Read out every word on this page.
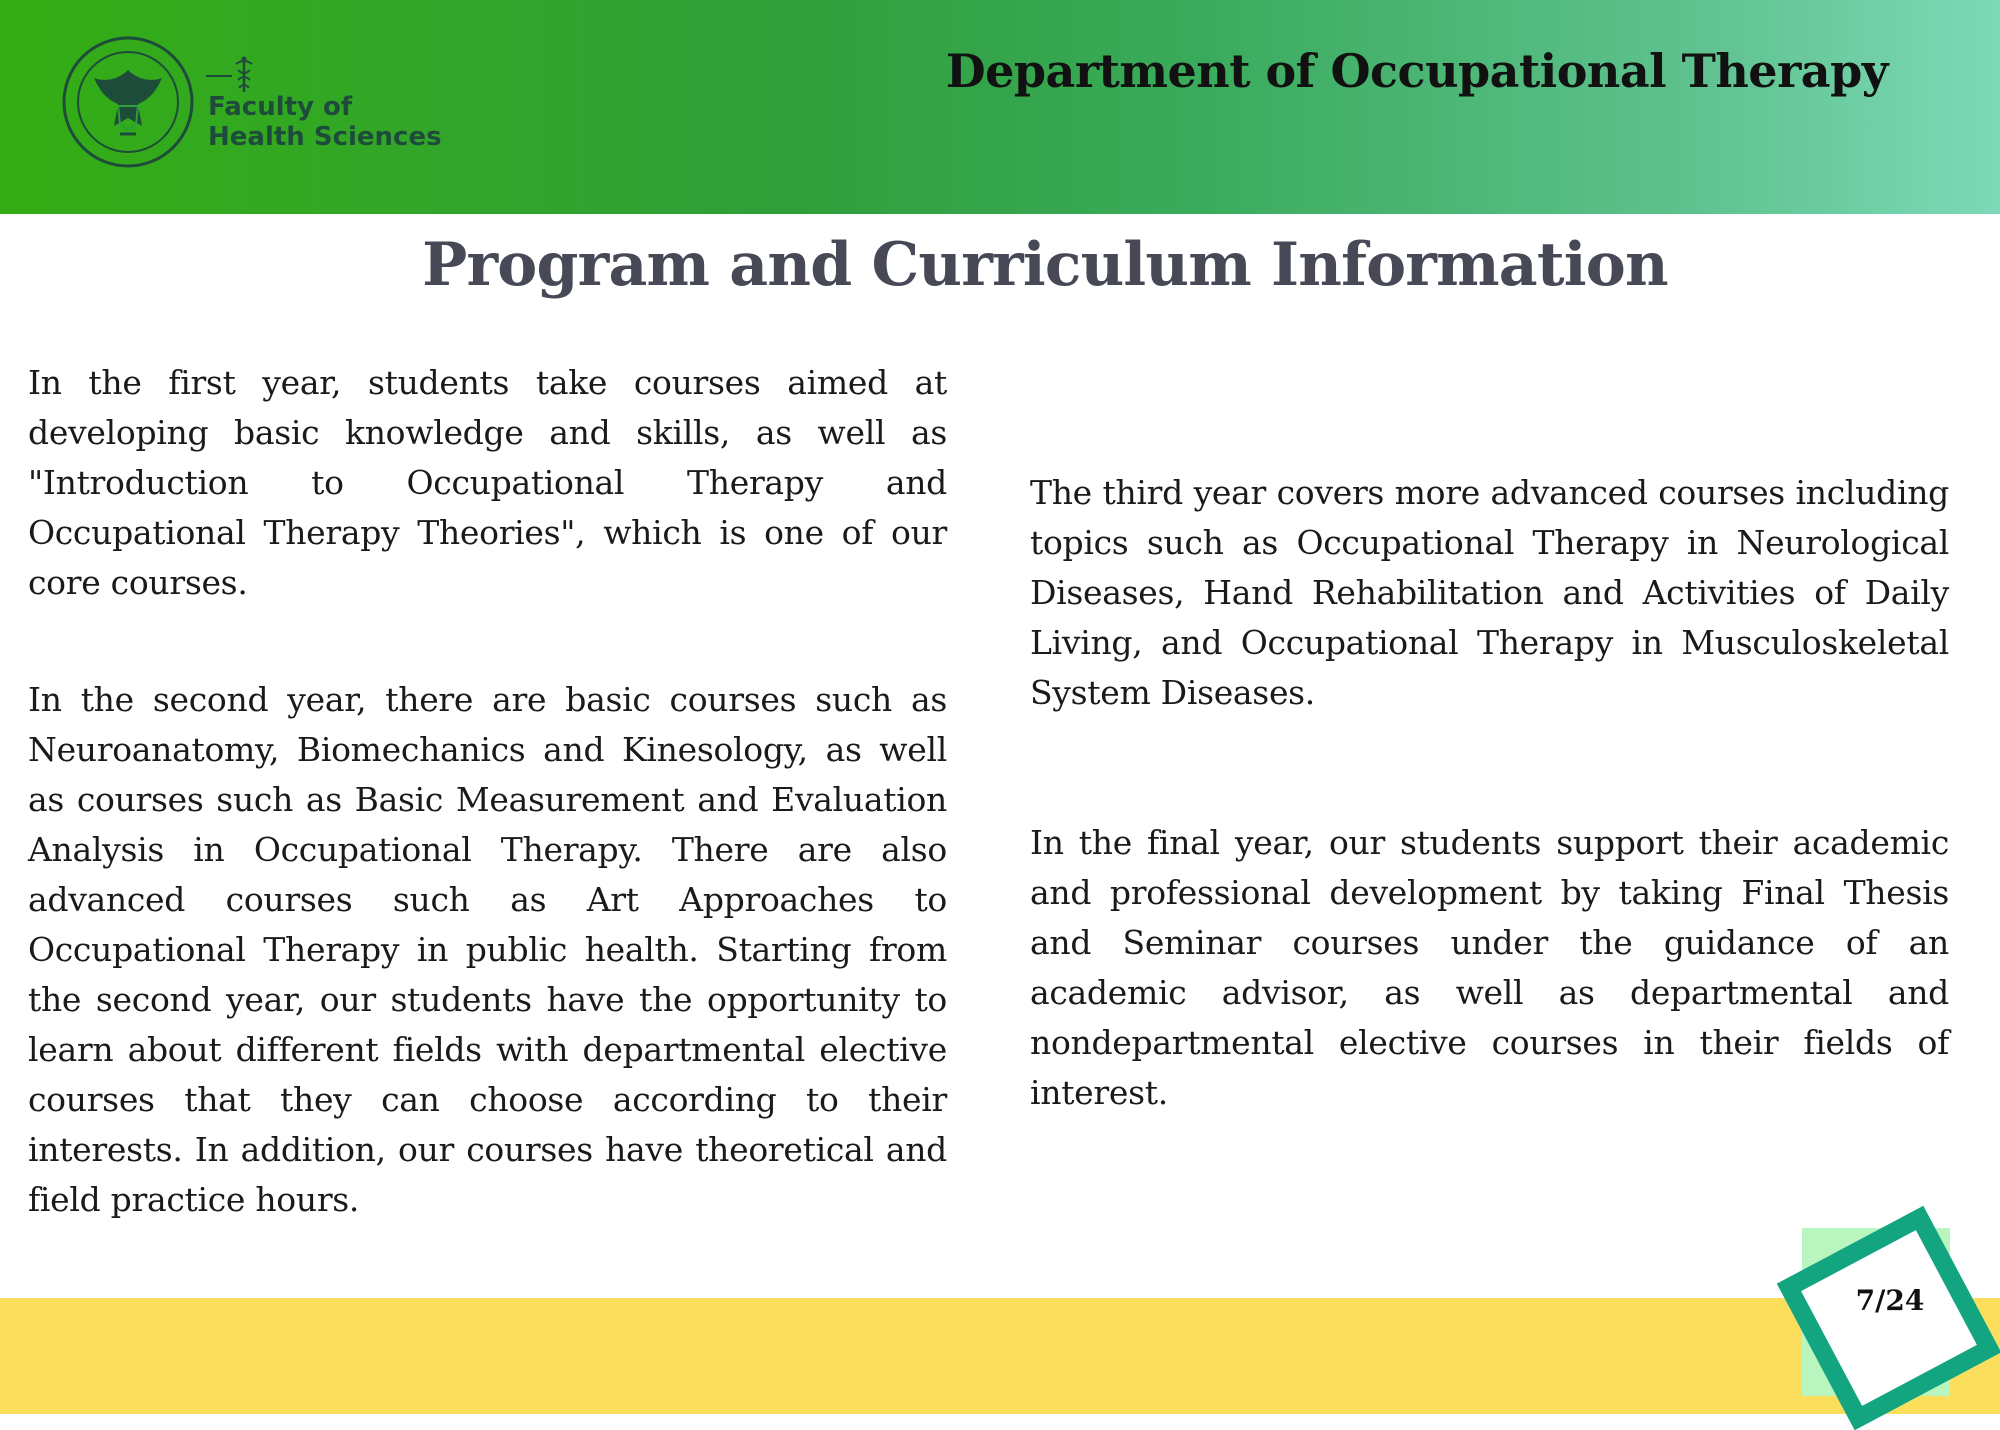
Faculty of
Health Sciences
Department of Occupational Therapy
Program and Curriculum Information

In the first year, students take courses aimed at developing basic knowledge and skills, as well as "Introduction to Occupational Therapy and Occupational Therapy Theories", which is one of our core courses.

In the second year, there are basic courses such as Neuroanatomy, Biomechanics and Kinesology, as well as courses such as Basic Measurement and Evaluation Analysis in Occupational Therapy. There are also advanced courses such as Art Approaches to Occupational Therapy in public health. Starting from the second year, our students have the opportunity to learn about different fields with departmental elective courses that they can choose according to their interests. In addition, our courses have theoretical and field practice hours.

The third year covers more advanced courses including topics such as Occupational Therapy in Neurological Diseases, Hand Rehabilitation and Activities of Daily Living, and Occupational Therapy in Musculoskeletal System Diseases.

In the final year, our students support their academic and professional development by taking Final Thesis and Seminar courses under the guidance of an academic advisor, as well as departmental and nondepartmental elective courses in their fields of interest.

7/24
